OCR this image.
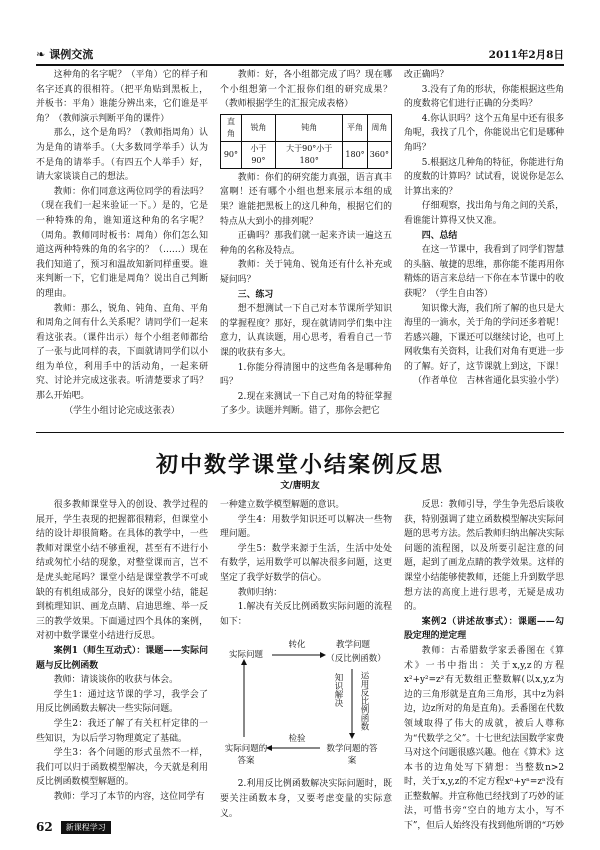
❧ 课例交流	2011年2月8日

这种角的名字呢？（平角）它的样子和名字还真的很相符。（把平角贴到黑板上，并板书：平角）谁能分辨出来，它们谁是平角？（教师演示判断平角的课件）

那么，这个是角吗？（教师指周角）认为是角的请举手。（大多数同学举手）认为不是角的请举手。（有四五个人举手）好，请大家谈谈自己的想法。

教师：你们同意这两位同学的看法吗？（现在我们一起来验证一下。）是的，它是一种特殊的角，谁知道这种角的名字呢？（周角。教师同时板书：周角）你们怎么知道这两种特殊的角的名字的？（……）现在我们知道了，预习和温故知新同样重要。谁来判断一下，它们谁是周角？说出自己判断的理由。

教师：那么，锐角、钝角、直角、平角和周角之间有什么关系呢？请同学们一起来看这张表。（课件出示）每个小组老师都给了一张与此同样的表，下面就请同学们以小组为单位，利用手中的活动角，一起来研究、讨论并完成这张表。听清楚要求了吗？那么开始吧。

（学生小组讨论完成这张表）

教师：好，各小组都完成了吗？现在哪个小组想第一个汇报你们组的研究成果？（教师根据学生的汇报完成表格）

直角	锐角	钝角	平角	周角
90°	小于90°	大于90°小于180°	180°	360°

教师：你们的研究能力真强，语言真丰富啊！还有哪个小组也想来展示本组的成果？谁能把黑板上的这几种角，根据它们的特点从大到小的排列呢？

正确吗？那我们就一起来齐读一遍这五种角的名称及特点。

教师：关于钝角、锐角还有什么补充或疑问吗？

三、练习

想不想测试一下自己对本节课所学知识的掌握程度？那好，现在就请同学们集中注意力，认真读题，用心思考，看看自己一节课的收获有多大。

1.你能分得清图中的这些角各是哪种角吗？

2.现在来测试一下自己对角的特征掌握了多少。读题并判断。错了，那你会把它

改正确吗？

3.没有了角的形状，你能根据这些角的度数将它们进行正确的分类吗？

4.你认识吗？这个五角星中还有很多角呢，我找了几个，你能说出它们是哪种角吗？

5.根据这几种角的特征，你能进行角的度数的计算吗？试试看，说说你是怎么计算出来的？

仔细观察，找出角与角之间的关系，看谁能计算得又快又准。

四、总结

在这一节课中，我看到了同学们智慧的头脑、敏捷的思维，那你能不能再用你精炼的语言来总结一下你在本节课中的收获呢？（学生自由答）

知识像大海，我们所了解的也只是大海里的一滴水，关于角的学问还多着呢！若感兴趣，下课还可以继续讨论，也可上网收集有关资料，让我们对角有更进一步的了解。好了，这节课就上到这，下课！

（作者单位　吉林省通化县实验小学）

初中数学课堂小结案例反思
文/唐明友

很多教师课堂导入的创设、教学过程的展开，学生表现的把握都很精彩，但课堂小结的设计却很简略。在具体的教学中，一些教师对课堂小结不够重视，甚至有不进行小结或匆忙小结的现象，对整堂课而言，岂不是虎头蛇尾吗？课堂小结是课堂教学不可或缺的有机组成部分，良好的课堂小结，能起到梳理知识、画龙点睛、启迪思维、举一反三的教学效果。下面通过四个具体的案例，对初中数学课堂小结进行反思。

案例1（师生互动式）：课题——实际问题与反比例函数

教师：请谈谈你的收获与体会。

学生1：通过这节课的学习，我学会了用反比例函数去解决一些实际问题。

学生2：我还了解了有关杠杆定律的一些知识，为以后学习物理奠定了基础。

学生3：各个问题的形式虽然不一样，我们可以归于函数模型解决，今天就是利用反比例函数模型解题的。

教师：学习了本节的内容，这位同学有

一种建立数学模型解题的意识。

学生4：用数学知识还可以解决一些物理问题。

学生5：数学来源于生活，生活中处处有数学，运用数学可以解决很多问题，这更坚定了我学好数学的信心。

教师归纳：

1.解决有关反比例函数实际问题的流程如下：

实际问题
转化	教学问题
（反比例函数）
知识解决 运用反比例函数
实际问题的答案
检验
数学问题的答案

2.利用反比例函数解决实际问题时，既要关注函数本身，又要考虑变量的实际意义。

反思：教师引导，学生争先恐后谈收获，特别强调了建立函数模型解决实际问题的思考方法。然后教师归纳出解决实际问题的流程图，以及所要引起注意的问题，起到了画龙点睛的教学效果。这样的课堂小结能够使教师，还能上升到数学思想方法的高度上进行思考，无疑是成功的。

案例2（讲述故事式）：课题——勾股定理的逆定理

教师：古希腊数学家丢番图在《算术》一书中指出：关于x,y,z的方程x²+y²=z²有无数组正整数解(以x,y,z为边的三角形就是直角三角形，其中z为斜边，边z所对的角是直角)。丢番图在代数领域取得了伟大的成就，被后人尊称为“代数学之父”。十七世纪法国数学家费马对这个问题很感兴趣。他在《算术》这本书的边角处写下猜想：当整数n>2时，关于x,y,z的不定方程xⁿ+yⁿ=zⁿ没有正整数解。并宣称他已经找到了巧妙的证法，可惜书旁“空白的地方太小，写不下”，但后人始终没有找到他所谓的“巧妙

62	新课程学习
